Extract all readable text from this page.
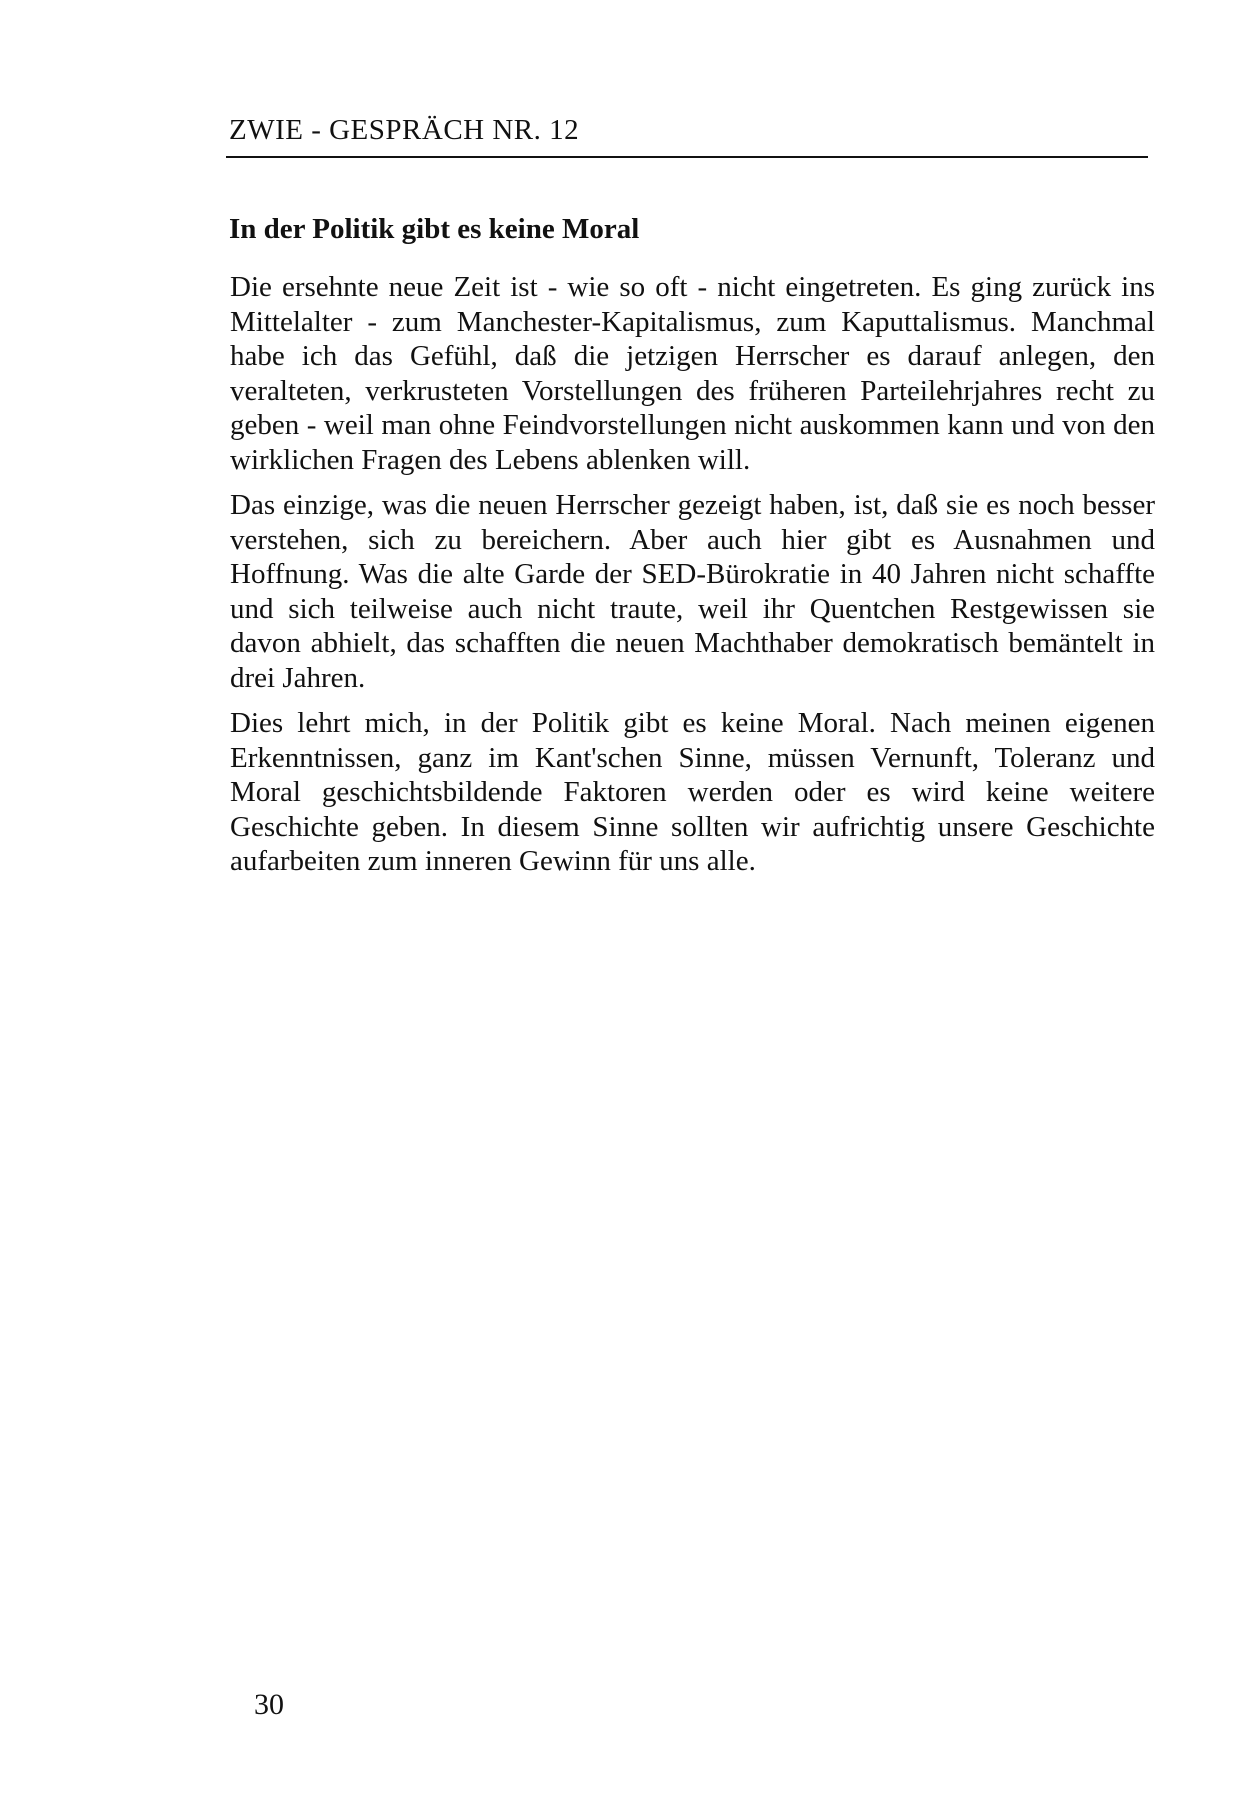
ZWIE - GESPRÄCH NR. 12
In der Politik gibt es keine Moral

Die ersehnte neue Zeit ist - wie so oft - nicht eingetreten. Es ging zurück ins Mittelalter - zum Manchester-Kapitalismus, zum Kaputtalismus. Manchmal habe ich das Gefühl, daß die jetzigen Herrscher es darauf anlegen, den veralteten, verkrusteten Vorstellungen des früheren Parteilehrjahres recht zu geben - weil man ohne Feindvorstellungen nicht auskommen kann und von den wirklichen Fragen des Lebens ablenken will.

Das einzige, was die neuen Herrscher gezeigt haben, ist, daß sie es noch besser verstehen, sich zu bereichern. Aber auch hier gibt es Ausnahmen und Hoffnung. Was die alte Garde der SED-Bürokratie in 40 Jahren nicht schaffte und sich teilweise auch nicht traute, weil ihr Quentchen Restgewissen sie davon abhielt, das schafften die neuen Machthaber demokratisch bemäntelt in drei Jahren.

Dies lehrt mich, in der Politik gibt es keine Moral. Nach meinen eigenen Erkenntnissen, ganz im Kant'schen Sinne, müssen Vernunft, Toleranz und Moral geschichtsbildende Faktoren werden oder es wird keine weitere Geschichte geben. In diesem Sinne sollten wir aufrichtig unsere Geschichte aufarbeiten zum inneren Gewinn für uns alle.

30
